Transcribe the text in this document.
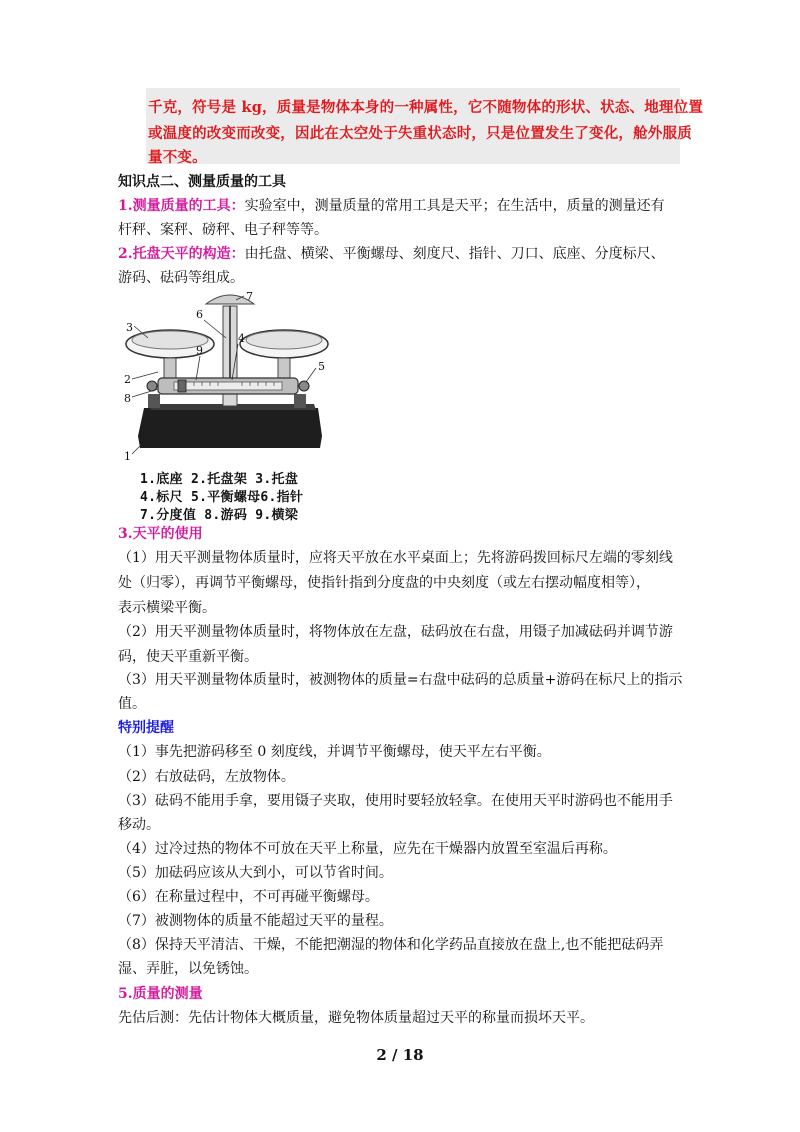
千克，符号是 kg，质量是物体本身的一种属性，它不随物体的形状、状态、地理位置
或温度的改变而改变，因此在太空处于失重状态时，只是位置发生了变化，舱外服质
量不变。
知识点二、测量质量的工具
1.测量质量的工具：实验室中，测量质量的常用工具是天平；在生活中，质量的测量还有
杆秤、案秤、磅秤、电子秤等等。
2.托盘天平的构造：由托盘、横梁、平衡螺母、刻度尺、指针、刀口、底座、分度标尺、
游码、砝码等组成。
3
2
8
5
6
7
9
4
1
1.底座 2.托盘架 3.托盘
4.标尺 5.平衡螺母6.指针
7.分度值 8.游码 9.横梁
3.天平的使用
（1）用天平测量物体质量时，应将天平放在水平桌面上；先将游码拨回标尺左端的零刻线
处（归零），再调节平衡螺母，使指针指到分度盘的中央刻度（或左右摆动幅度相等），
表示横梁平衡。
（2）用天平测量物体质量时，将物体放在左盘，砝码放在右盘，用镊子加减砝码并调节游
码，使天平重新平衡。
（3）用天平测量物体质量时，被测物体的质量=右盘中砝码的总质量+游码在标尺上的指示
值。
特别提醒
（1）事先把游码移至 0 刻度线，并调节平衡螺母，使天平左右平衡。
（2）右放砝码，左放物体。
（3）砝码不能用手拿，要用镊子夹取，使用时要轻放轻拿。在使用天平时游码也不能用手
移动。
（4）过冷过热的物体不可放在天平上称量，应先在干燥器内放置至室温后再称。
（5）加砝码应该从大到小，可以节省时间。
（6）在称量过程中，不可再碰平衡螺母。
（7）被测物体的质量不能超过天平的量程。
（8）保持天平清洁、干燥，不能把潮湿的物体和化学药品直接放在盘上,也不能把砝码弄
湿、弄脏，以免锈蚀。
5.质量的测量
先估后测：先估计物体大概质量，避免物体质量超过天平的称量而损坏天平。
2 / 18
